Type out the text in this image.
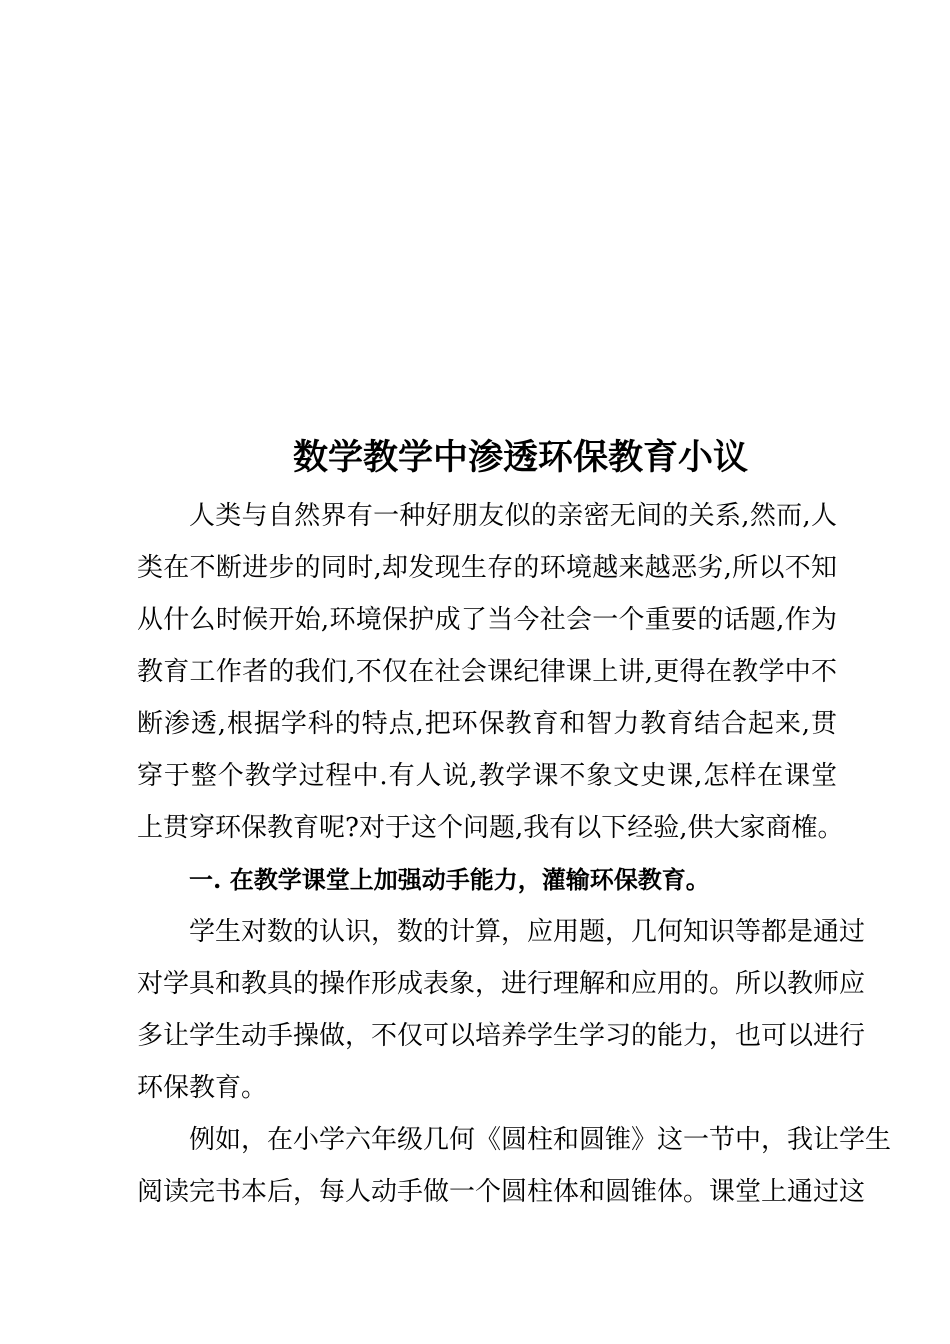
数学教学中渗透环保教育小议

人类与自然界有一种好朋友似的亲密无间的关系,然而,人
类在不断进步的同时,却发现生存的环境越来越恶劣,所以不知
从什么时候开始,环境保护成了当今社会一个重要的话题,作为
教育工作者的我们,不仅在社会课纪律课上讲,更得在教学中不
断渗透,根据学科的特点,把环保教育和智力教育结合起来,贯
穿于整个教学过程中.有人说,教学课不象文史课,怎样在课堂
上贯穿环保教育呢?对于这个问题,我有以下经验,供大家商榷。

一. 在教学课堂上加强动手能力，灌输环保教育。

学生对数的认识，数的计算，应用题，几何知识等都是通过
对学具和教具的操作形成表象，进行理解和应用的。所以教师应
多让学生动手操做，不仅可以培养学生学习的能力，也可以进行
环保教育。

例如，在小学六年级几何《圆柱和圆锥》这一节中，我让学生
阅读完书本后，每人动手做一个圆柱体和圆锥体。课堂上通过这
